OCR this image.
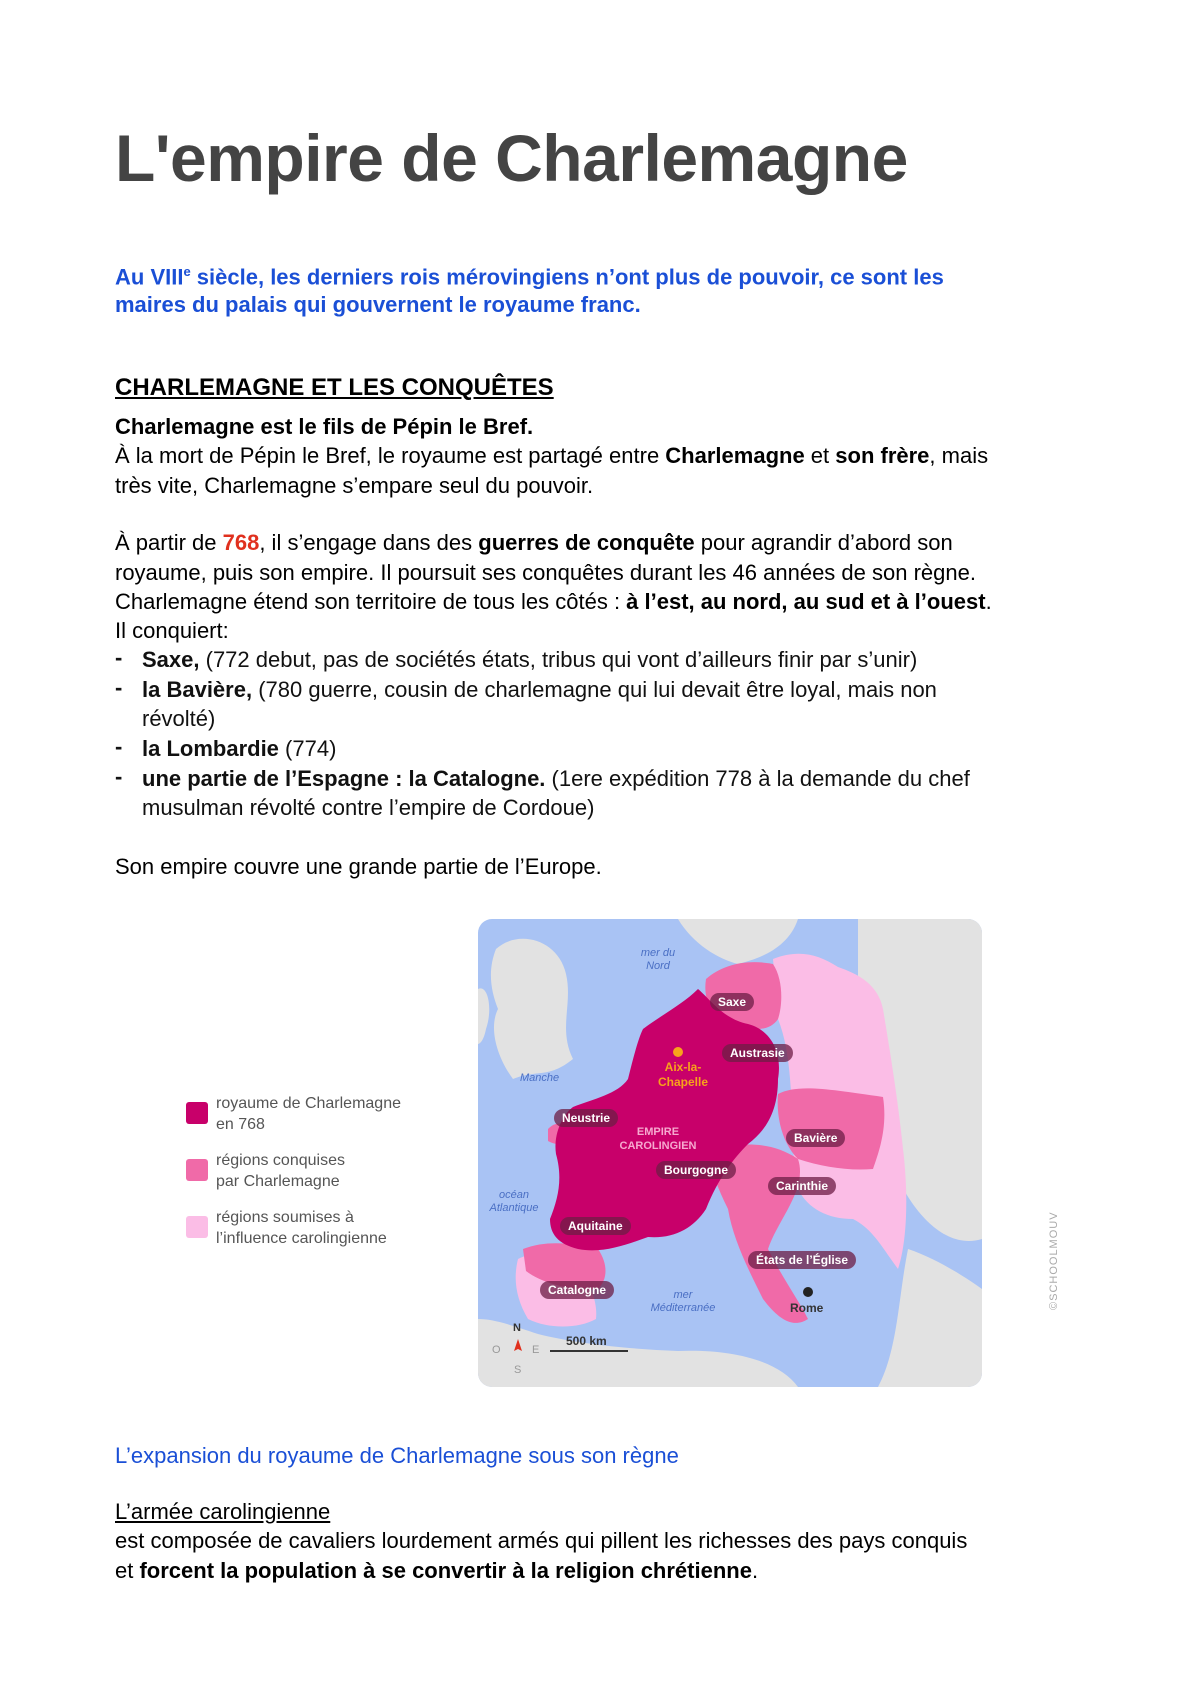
L'empire de Charlemagne
Au VIIIe siècle, les derniers rois mérovingiens n’ont plus de pouvoir, ce sont les
maires du palais qui gouvernent le royaume franc.
CHARLEMAGNE ET LES CONQUÊTES
Charlemagne est le fils de Pépin le Bref.
À la mort de Pépin le Bref, le royaume est partagé entre Charlemagne et son frère, mais
très vite, Charlemagne s’empare seul du pouvoir.
À partir de 768, il s’engage dans des guerres de conquête pour agrandir d’abord son
royaume, puis son empire. Il poursuit ses conquêtes durant les 46 années de son règne.
Charlemagne étend son territoire de tous les côtés : à l’est, au nord, au sud et à l’ouest.
Il conquiert:
- Saxe, (772 debut, pas de sociétés états, tribus qui vont d’ailleurs finir par s’unir)
- la Bavière, (780 guerre, cousin de charlemagne qui lui devait être loyal, mais non
révolté)
- la Lombardie (774)
- une partie de l’Espagne : la Catalogne. (1ere expédition 778 à la demande du chef
musulman révolté contre l’empire de Cordoue)
Son empire couvre une grande partie de l’Europe.
royaume de Charlemagne
en 768
régions conquises
par Charlemagne
régions soumises à
l’influence carolingienne
mer du
Nord
Manche
océan
Atlantique
mer
Méditerranée
EMPIRE
CAROLINGIEN
Aix-la-
Chapelle
Rome
Saxe
Austrasie
Neustrie
Bavière
Bourgogne
Carinthie
Aquitaine
États de l’Église
Catalogne
N
O	E
S
500 km
©SCHOOLMOUV
L’expansion du royaume de Charlemagne sous son règne
L’armée carolingienne
est composée de cavaliers lourdement armés qui pillent les richesses des pays conquis
et forcent la population à se convertir à la religion chrétienne.
